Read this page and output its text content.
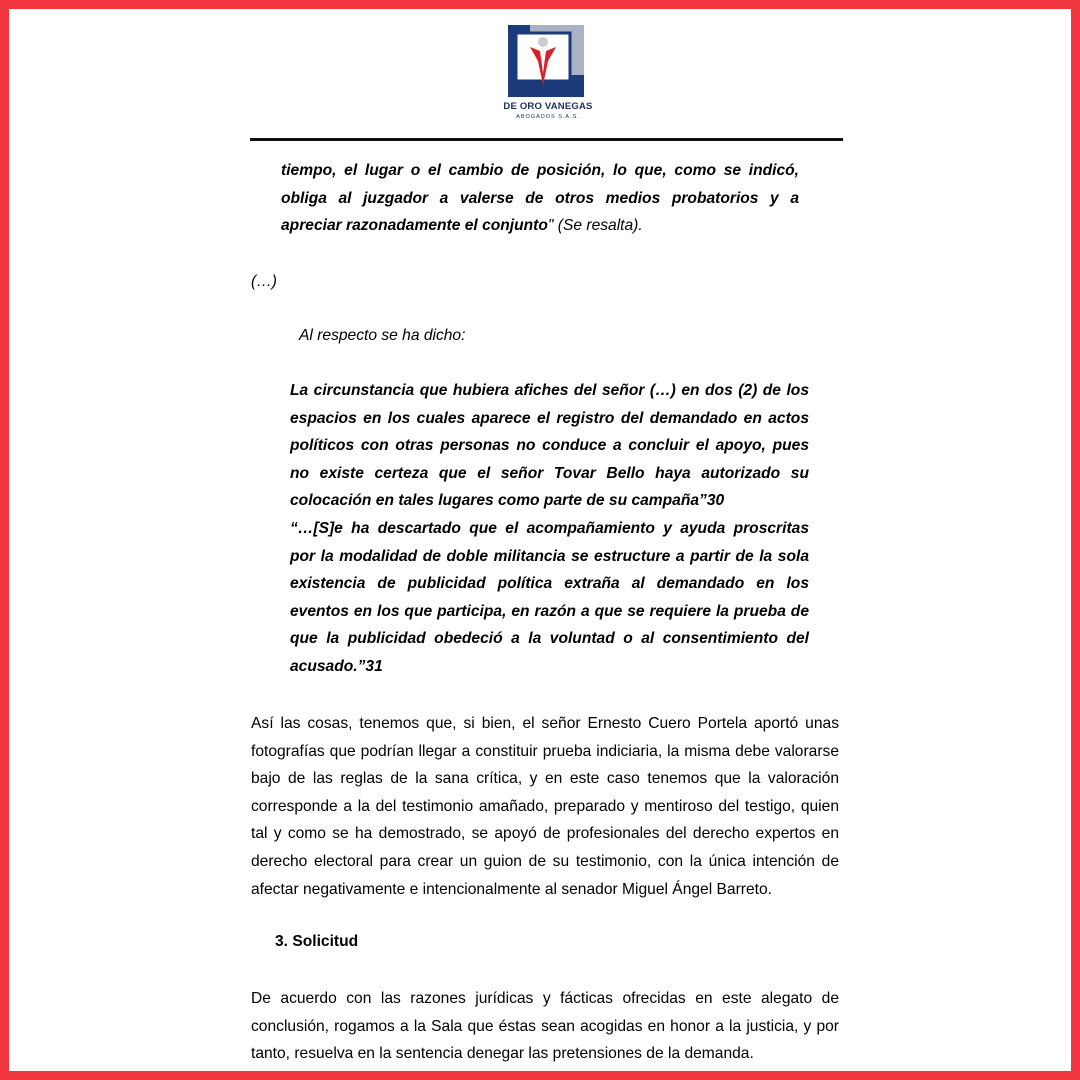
DE ORO VANEGAS
ABOGADOS S.A.S.
tiempo, el lugar o el cambio de posición, lo que, como se indicó,
obliga al juzgador a valerse de otros medios probatorios y a
apreciar razonadamente el conjunto" (Se resalta).
(…)
Al respecto se ha dicho:
La circunstancia que hubiera afiches del señor (…) en dos (2) de los
espacios en los cuales aparece el registro del demandado en actos
políticos con otras personas no conduce a concluir el apoyo, pues
no existe certeza que el señor Tovar Bello haya autorizado su
colocación en tales lugares como parte de su campaña”30
“…[S]e ha descartado que el acompañamiento y ayuda proscritas
por la modalidad de doble militancia se estructure a partir de la sola
existencia de publicidad política extraña al demandado en los
eventos en los que participa, en razón a que se requiere la prueba de
que la publicidad obedeció a la voluntad o al consentimiento del
acusado.”31
Así las cosas, tenemos que, si bien, el señor Ernesto Cuero Portela aportó unas
fotografías que podrían llegar a constituir prueba indiciaria, la misma debe valorarse
bajo de las reglas de la sana crítica, y en este caso tenemos que la valoración
corresponde a la del testimonio amañado, preparado y mentiroso del testigo, quien
tal y como se ha demostrado, se apoyó de profesionales del derecho expertos en
derecho electoral para crear un guion de su testimonio, con la única intención de
afectar negativamente e intencionalmente al senador Miguel Ángel Barreto.
3. Solicitud
De acuerdo con las razones jurídicas y fácticas ofrecidas en este alegato de
conclusión, rogamos a la Sala que éstas sean acogidas en honor a la justicia, y por
tanto, resuelva en la sentencia denegar las pretensiones de la demanda.
